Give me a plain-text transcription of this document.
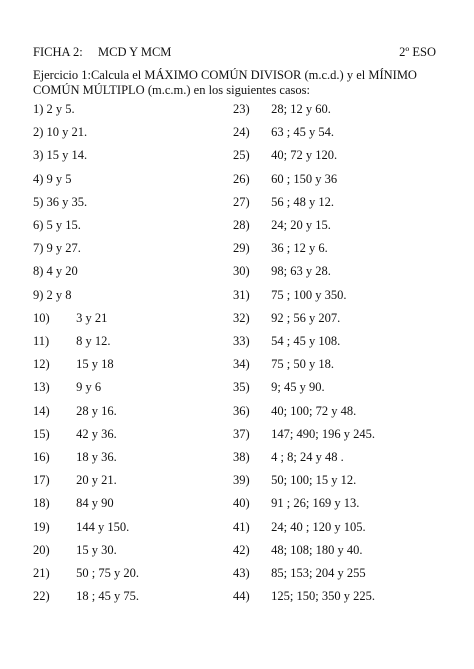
FICHA 2: MCD Y MCM	2º ESO
Ejercicio 1:Calcula el MÁXIMO COMÚN DIVISOR (m.c.d.) y el MÍNIMO
COMÚN MÚLTIPLO (m.c.m.) en los siguientes casos:
1) 2 y 5.
2) 10 y 21.
3) 15 y 14.
4) 9 y 5
5) 36 y 35.
6) 5 y 15.
7) 9 y 27.
8) 4 y 20
9) 2 y 8
10) 3 y 21
11) 8 y 12.
12) 15 y 18
13) 9 y 6
14) 28 y 16.
15) 42 y 36.
16) 18 y 36.
17) 20 y 21.
18) 84 y 90
19) 144 y 150.
20) 15 y 30.
21) 50 ; 75 y 20.
22) 18 ; 45 y 75.
23) 28; 12 y 60.
24) 63 ; 45 y 54.
25) 40; 72 y 120.
26) 60 ; 150 y 36
27) 56 ; 48 y 12.
28) 24; 20 y 15.
29) 36 ; 12 y 6.
30) 98; 63 y 28.
31) 75 ; 100 y 350.
32) 92 ; 56 y 207.
33) 54 ; 45 y 108.
34) 75 ; 50 y 18.
35) 9; 45 y 90.
36) 40; 100; 72 y 48.
37) 147; 490; 196 y 245.
38) 4 ; 8; 24 y 48 .
39) 50; 100; 15 y 12.
40) 91 ; 26; 169 y 13.
41) 24; 40 ; 120 y 105.
42) 48; 108; 180 y 40.
43) 85; 153; 204 y 255
44) 125; 150; 350 y 225.
